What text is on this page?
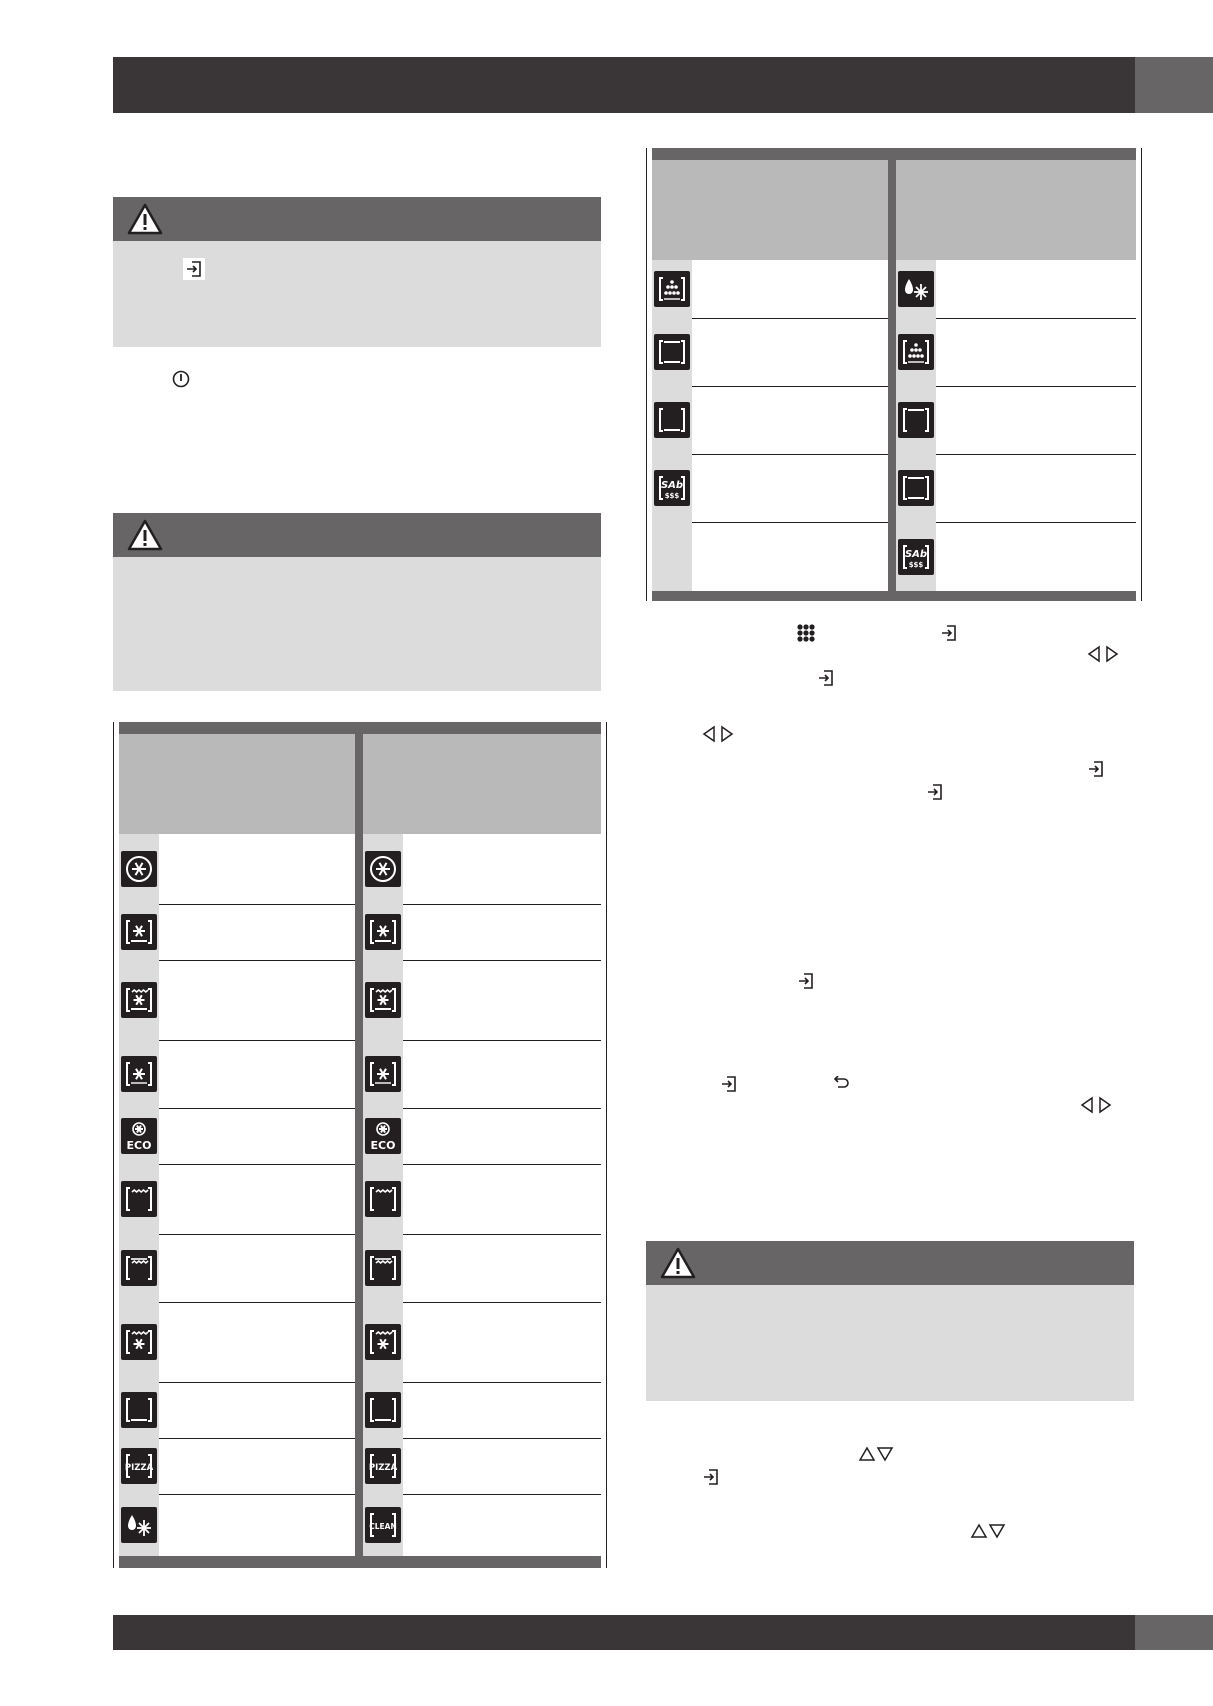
ECO	ECO
PIZZA	PIZZA
CLEAN
SAb
$$$
SAb
$$$
